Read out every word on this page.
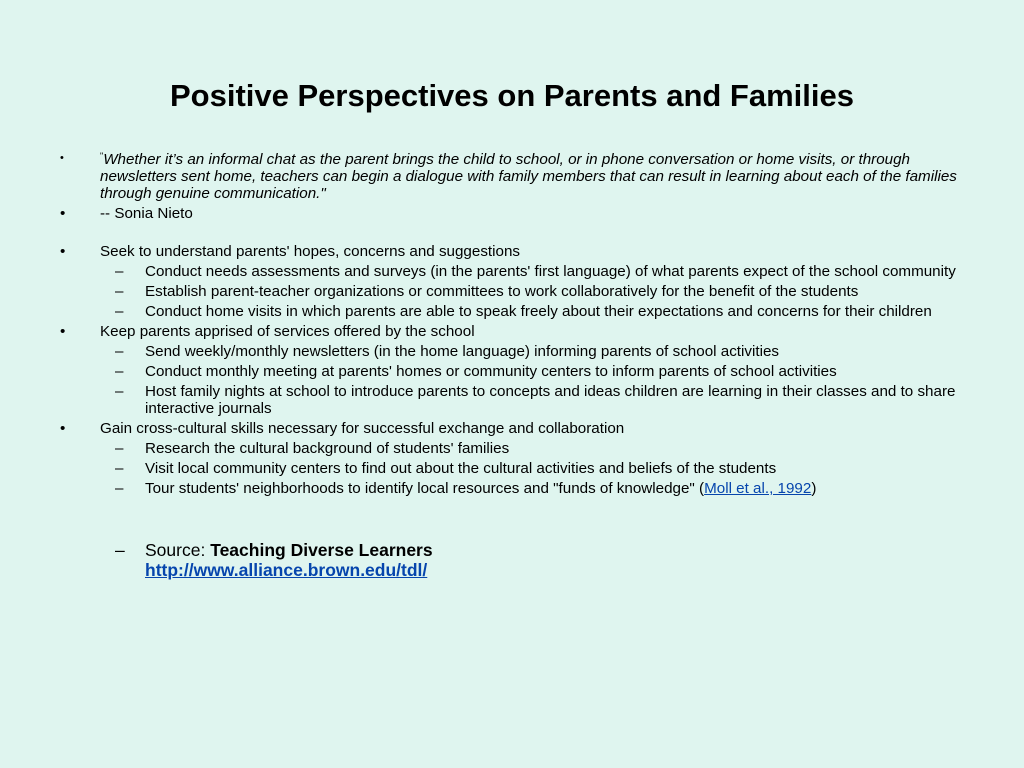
Positive Perspectives on Parents and Families
•	"Whether it’s an informal chat as the parent brings the child to school, or in phone conversation or home visits, or through newsletters sent home, teachers can begin a dialogue with family members that can result in learning about each of the families through genuine communication."
• -- Sonia Nieto
• Seek to understand parents' hopes, concerns and suggestions
– Conduct needs assessments and surveys (in the parents' first language) of what parents expect of the school community
– Establish parent-teacher organizations or committees to work collaboratively for the benefit of the students
– Conduct home visits in which parents are able to speak freely about their expectations and concerns for their children
• Keep parents apprised of services offered by the school
– Send weekly/monthly newsletters (in the home language) informing parents of school activities
– Conduct monthly meeting at parents' homes or community centers to inform parents of school activities
– Host family nights at school to introduce parents to concepts and ideas children are learning in their classes and to share interactive journals
• Gain cross-cultural skills necessary for successful exchange and collaboration
– Research the cultural background of students' families
– Visit local community centers to find out about the cultural activities and beliefs of the students
– Tour students' neighborhoods to identify local resources and "funds of knowledge" (Moll et al., 1992)
– Source: Teaching Diverse Learners
http://www.alliance.brown.edu/tdl/
